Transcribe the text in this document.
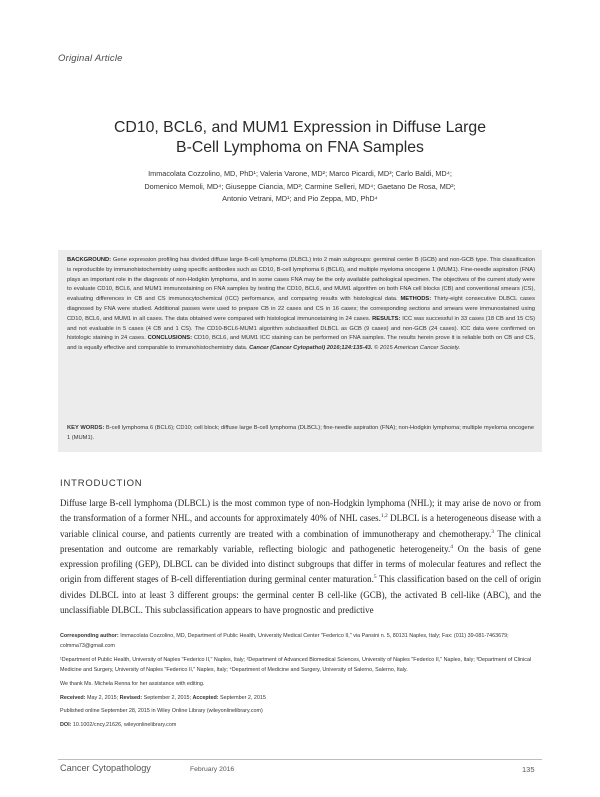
Original Article
CD10, BCL6, and MUM1 Expression in Diffuse Large
B-Cell Lymphoma on FNA Samples
Immacolata Cozzolino, MD, PhD¹; Valeria Varone, MD²; Marco Picardi, MD³; Carlo Baldi, MD⁴;
Domenico Memoli, MD⁴; Giuseppe Ciancia, MD²; Carmine Selleri, MD⁴; Gaetano De Rosa, MD²;
Antonio Vetrani, MD¹; and Pio Zeppa, MD, PhD⁴
BACKGROUND: Gene expression profiling has divided diffuse large B-cell lymphoma (DLBCL) into 2 main subgroups: germinal center B (GCB) and non-GCB type. This classification is reproducible by immunohistochemistry using specific antibodies such as CD10, B-cell lymphoma 6 (BCL6), and multiple myeloma oncogene 1 (MUM1). Fine-needle aspiration (FNA) plays an important role in the diagnosis of non-Hodgkin lymphoma, and in some cases FNA may be the only available pathological specimen. The objectives of the current study were to evaluate CD10, BCL6, and MUM1 immunostaining on FNA samples by testing the CD10, BCL6, and MUM1 algorithm on both FNA cell blocks (CB) and conventional smears (CS), evaluating differences in CB and CS immunocytochemical (ICC) performance, and comparing results with histological data. METHODS: Thirty-eight consecutive DLBCL cases diagnosed by FNA were studied. Additional passes were used to prepare CB in 22 cases and CS in 16 cases; the corresponding sections and smears were immunostained using CD10, BCL6, and MUM1 in all cases. The data obtained were compared with histological immunostaining in 24 cases. RESULTS: ICC was successful in 33 cases (18 CB and 15 CS) and not evaluable in 5 cases (4 CB and 1 CS). The CD10-BCL6-MUM1 algorithm subclassified DLBCL as GCB (9 cases) and non-GCB (24 cases). ICC data were confirmed on histologic staining in 24 cases. CONCLUSIONS: CD10, BCL6, and MUM1 ICC staining can be performed on FNA samples. The results herein prove it is reliable both on CB and CS, and is equally effective and comparable to immunohistochemistry data. Cancer (Cancer Cytopathol) 2016;124:135-43. © 2015 American Cancer Society.
KEY WORDS: B-cell lymphoma 6 (BCL6); CD10; cell block; diffuse large B-cell lymphoma (DLBCL); fine-needle aspiration (FNA); non-Hodgkin lymphoma; multiple myeloma oncogene 1 (MUM1).
INTRODUCTION
Diffuse large B-cell lymphoma (DLBCL) is the most common type of non-Hodgkin lymphoma (NHL); it may arise de novo or from the transformation of a former NHL, and accounts for approximately 40% of NHL cases.$^{1,2}$ DLBCL is a heterogeneous disease with a variable clinical course, and patients currently are treated with a combination of immunotherapy and chemotherapy.$^3$ The clinical presentation and outcome are remarkably variable, reflecting biologic and pathogenetic heterogeneity.$^4$ On the basis of gene expression profiling (GEP), DLBCL can be divided into distinct subgroups that differ in terms of molecular features and reflect the origin from different stages of B-cell differentiation during germinal center maturation.$^5$ This classification based on the cell of origin divides DLBCL into at least 3 different groups: the germinal center B cell-like (GCB), the activated B cell-like (ABC), and the unclassifiable DLBCL. This subclassification appears to have prognostic and predictive

Corresponding author: Immacolata Cozzolino, MD, Department of Public Health, University Medical Center "Federico II," via Pansini n. 5, 80131 Naples, Italy; Fax: (011) 39-081-7463679; colmma73@gmail.com

¹Department of Public Health, University of Naples "Federico II," Naples, Italy; ²Department of Advanced Biomedical Sciences, University of Naples "Federico II," Naples, Italy; ³Department of Clinical Medicine and Surgery, University of Naples "Federico II," Naples, Italy; ⁴Department of Medicine and Surgery, University of Salerno, Salerno, Italy.

We thank Ms. Michela Renna for her assistance with editing.

Received: May 2, 2015; Revised: September 2, 2015; Accepted: September 2, 2015

Published online September 28, 2015 in Wiley Online Library (wileyonlinelibrary.com)

DOI: 10.1002/cncy.21626, wileyonlinelibrary.com

Cancer Cytopathology	February 2016	135
